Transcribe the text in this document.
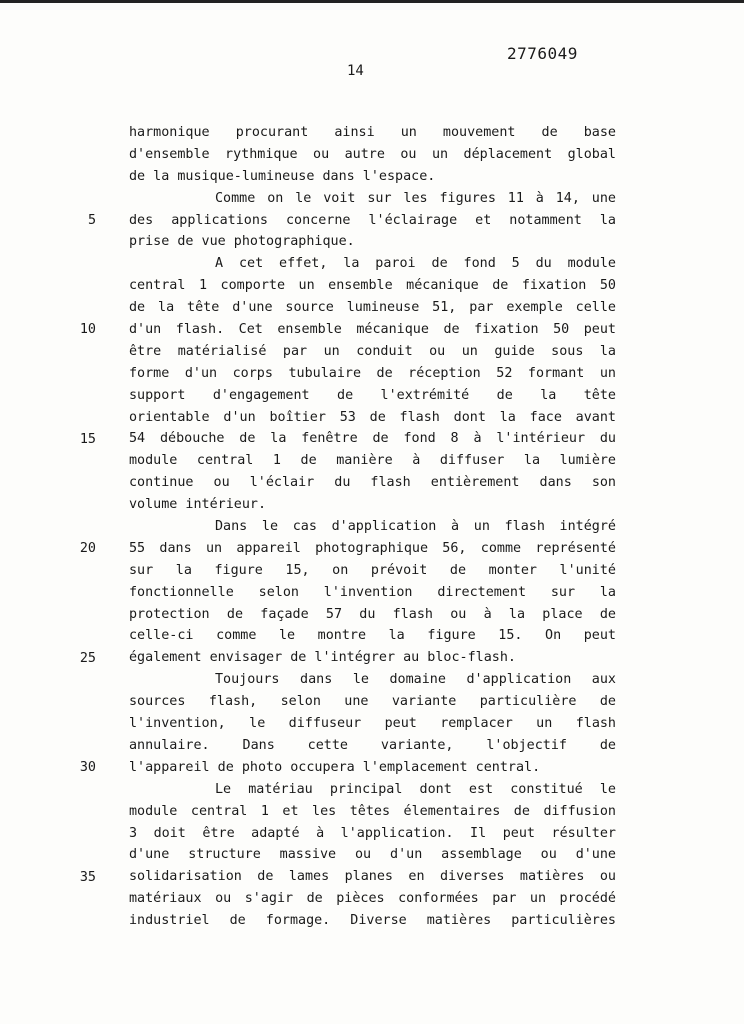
2776049
14
harmonique procurant ainsi un mouvement de base
d'ensemble rythmique ou autre ou un déplacement global
de la musique-lumineuse dans l'espace.
Comme on le voit sur les figures 11 à 14, une
des applications concerne l'éclairage et notamment la
prise de vue photographique.
A cet effet, la paroi de fond 5 du module
central 1 comporte un ensemble mécanique de fixation 50
de la tête d'une source lumineuse 51, par exemple celle
d'un flash. Cet ensemble mécanique de fixation 50 peut
être matérialisé par un conduit ou un guide sous la
forme d'un corps tubulaire de réception 52 formant un
support d'engagement de l'extrémité de la tête
orientable d'un boîtier 53 de flash dont la face avant
54 débouche de la fenêtre de fond 8 à l'intérieur du
module central 1 de manière à diffuser la lumière
continue ou l'éclair du flash entièrement dans son
volume intérieur.
Dans le cas d'application à un flash intégré
55 dans un appareil photographique 56, comme représenté
sur la figure 15, on prévoit de monter l'unité
fonctionnelle selon l'invention directement sur la
protection de façade 57 du flash ou à la place de
celle-ci comme le montre la figure 15. On peut
également envisager de l'intégrer au bloc-flash.
Toujours dans le domaine d'application aux
sources flash, selon une variante particulière de
l'invention, le diffuseur peut remplacer un flash
annulaire. Dans cette variante, l'objectif de
l'appareil de photo occupera l'emplacement central.
Le matériau principal dont est constitué le
module central 1 et les têtes élementaires de diffusion
3 doit être adapté à l'application. Il peut résulter
d'une structure massive ou d'un assemblage ou d'une
solidarisation de lames planes en diverses matières ou
matériaux ou s'agir de pièces conformées par un procédé
industriel de formage. Diverse matières particulières
5
10
15
20
25
30
35
